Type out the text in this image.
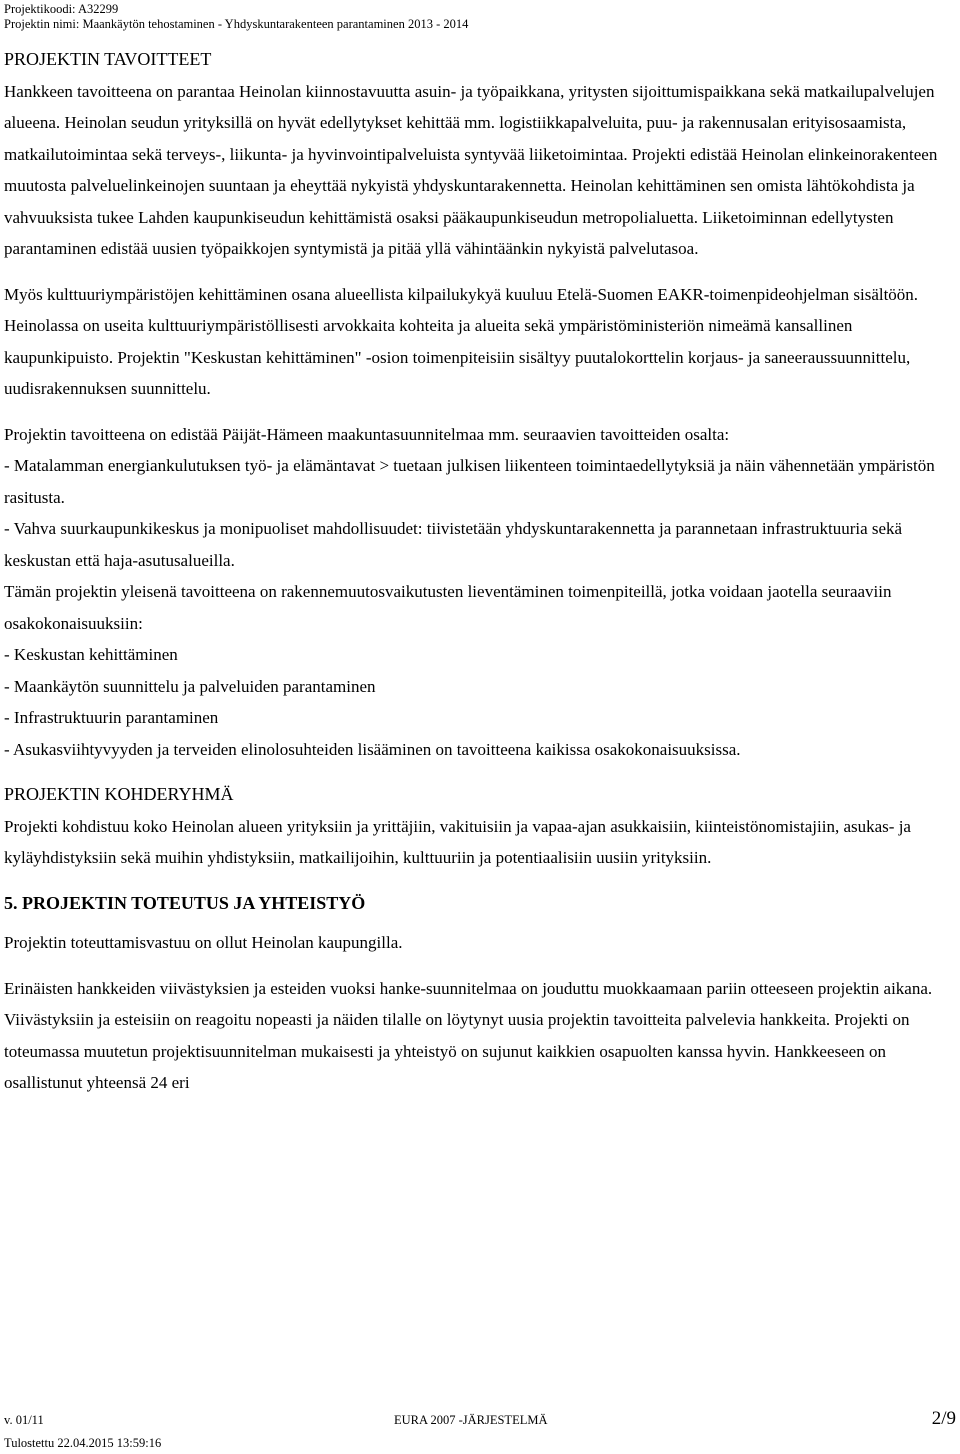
Projektikoodi: A32299
Projektin nimi: Maankäytön tehostaminen - Yhdyskuntarakenteen parantaminen 2013 - 2014

PROJEKTIN TAVOITTEET

Hankkeen tavoitteena on parantaa Heinolan kiinnostavuutta asuin- ja työpaikkana, yritysten sijoittumispaikkana sekä matkailupalvelujen alueena. Heinolan seudun yrityksillä on hyvät edellytykset kehittää mm. logistiikkapalveluita, puu- ja rakennusalan erityisosaamista, matkailutoimintaa sekä terveys-, liikunta- ja hyvinvointipalveluista syntyvää liiketoimintaa. Projekti edistää Heinolan elinkeinorakenteen muutosta palveluelinkeinojen suuntaan ja eheyttää nykyistä yhdyskuntarakennetta. Heinolan kehittäminen sen omista lähtökohdista ja vahvuuksista tukee Lahden kaupunkiseudun kehittämistä osaksi pääkaupunkiseudun metropolialuetta. Liiketoiminnan edellytysten parantaminen edistää uusien työpaikkojen syntymistä ja pitää yllä vähintäänkin nykyistä palvelutasoa.

Myös kulttuuriympäristöjen kehittäminen osana alueellista kilpailukykyä kuuluu Etelä-Suomen EAKR-toimenpideohjelman sisältöön. Heinolassa on useita kulttuuriympäristöllisesti arvokkaita kohteita ja alueita sekä ympäristöministeriön nimeämä kansallinen kaupunkipuisto. Projektin "Keskustan kehittäminen" -osion toimenpiteisiin sisältyy puutalokorttelin korjaus- ja saneeraussuunnittelu, uudisrakennuksen suunnittelu.

Projektin tavoitteena on edistää Päijät-Hämeen maakuntasuunnitelmaa mm. seuraavien tavoitteiden osalta:

- Matalamman energiankulutuksen työ- ja elämäntavat > tuetaan julkisen liikenteen toimintaedellytyksiä ja näin vähennetään ympäristön rasitusta.

- Vahva suurkaupunkikeskus ja monipuoliset mahdollisuudet: tiivistetään yhdyskuntarakennetta ja parannetaan infrastruktuuria sekä keskustan että haja-asutusalueilla.

Tämän projektin yleisenä tavoitteena on rakennemuutosvaikutusten lieventäminen toimenpiteillä, jotka voidaan jaotella seuraaviin osakokonaisuuksiin:

- Keskustan kehittäminen

- Maankäytön suunnittelu ja palveluiden parantaminen

- Infrastruktuurin parantaminen

- Asukasviihtyvyyden ja terveiden elinolosuhteiden lisääminen on tavoitteena kaikissa osakokonaisuuksissa.

PROJEKTIN KOHDERYHMÄ

Projekti kohdistuu koko Heinolan alueen yrityksiin ja yrittäjiin, vakituisiin ja vapaa-ajan asukkaisiin, kiinteistönomistajiin, asukas- ja kyläyhdistyksiin sekä muihin yhdistyksiin, matkailijoihin, kulttuuriin ja potentiaalisiin uusiin yrityksiin.

5. PROJEKTIN TOTEUTUS JA YHTEISTYÖ

Projektin toteuttamisvastuu on ollut Heinolan kaupungilla.

Erinäisten hankkeiden viivästyksien ja esteiden vuoksi hanke-suunnitelmaa on jouduttu muokkaamaan pariin otteeseen projektin aikana. Viivästyksiin ja esteisiin on reagoitu nopeasti ja näiden tilalle on löytynyt uusia projektin tavoitteita palvelevia hankkeita. Projekti on toteumassa muutetun projektisuunnitelman mukaisesti ja yhteistyö on sujunut kaikkien osapuolten kanssa hyvin. Hankkeeseen on osallistunut yhteensä 24 eri

v. 01/11	EURA 2007 -JÄRJESTELMÄ	2/9
Tulostettu 22.04.2015 13:59:16
